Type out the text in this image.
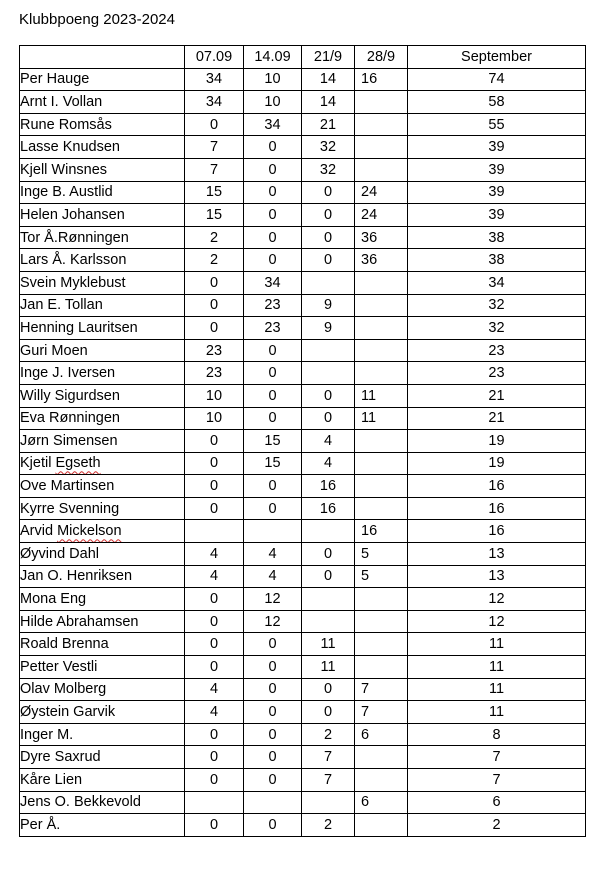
Klubbpoeng 2023-2024
	07.09	14.09	21/9	28/9	September
Per Hauge	34	10	14	16	74
Arnt I. Vollan	34	10	14		58
Rune Romsås	0	34	21		55
Lasse Knudsen	7	0	32		39
Kjell Winsnes	7	0	32		39
Inge B. Austlid	15	0	0	24	39
Helen Johansen	15	0	0	24	39
Tor Å.Rønningen	2	0	0	36	38
Lars Å. Karlsson	2	0	0	36	38
Svein Myklebust	0	34			34
Jan E. Tollan	0	23	9		32
Henning Lauritsen	0	23	9		32
Guri Moen	23	0			23
Inge J. Iversen	23	0			23
Willy Sigurdsen	10	0	0	11	21
Eva Rønningen	10	0	0	11	21
Jørn Simensen	0	15	4		19
Kjetil Egseth	0	15	4		19
Ove Martinsen	0	0	16		16
Kyrre Svenning	0	0	16		16
Arvid Mickelson				16	16
Øyvind Dahl	4	4	0	5	13
Jan O. Henriksen	4	4	0	5	13
Mona Eng	0	12			12
Hilde Abrahamsen	0	12			12
Roald Brenna	0	0	11		11
Petter Vestli	0	0	11		11
Olav Molberg	4	0	0	7	11
Øystein Garvik	4	0	0	7	11
Inger M.	0	0	2	6	8
Dyre Saxrud	0	0	7		7
Kåre Lien	0	0	7		7
Jens O. Bekkevold				6	6
Per Å.	0	0	2		2
